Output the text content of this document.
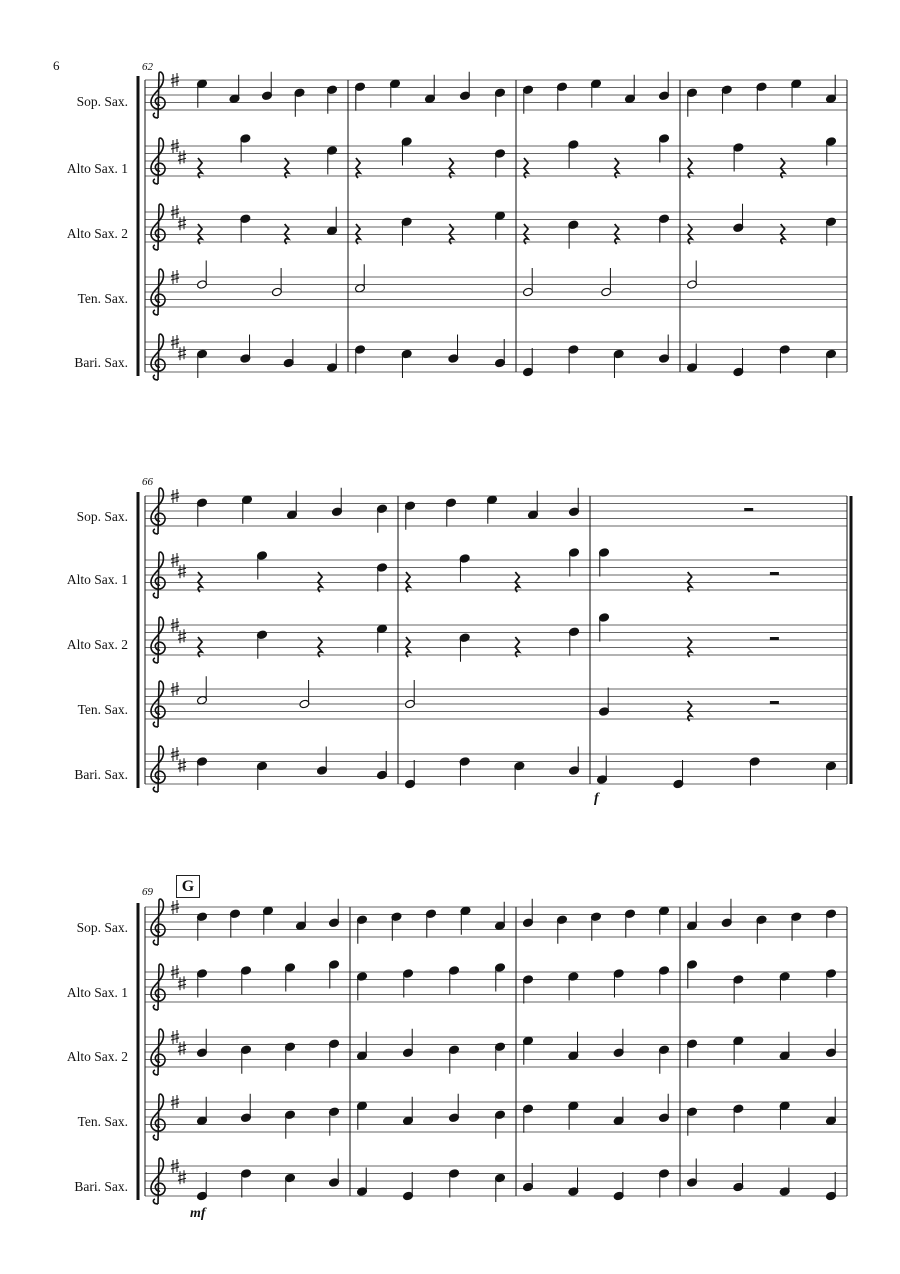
6
Sop. Sax.
Alto Sax. 1
Alto Sax. 2
Ten. Sax.
Bari. Sax.
Sop. Sax.
Alto Sax. 1
Alto Sax. 2
Ten. Sax.
Bari. Sax.
Sop. Sax.
Alto Sax. 1
Alto Sax. 2
Ten. Sax.
Bari. Sax.
62
66
69	G
f
mf
